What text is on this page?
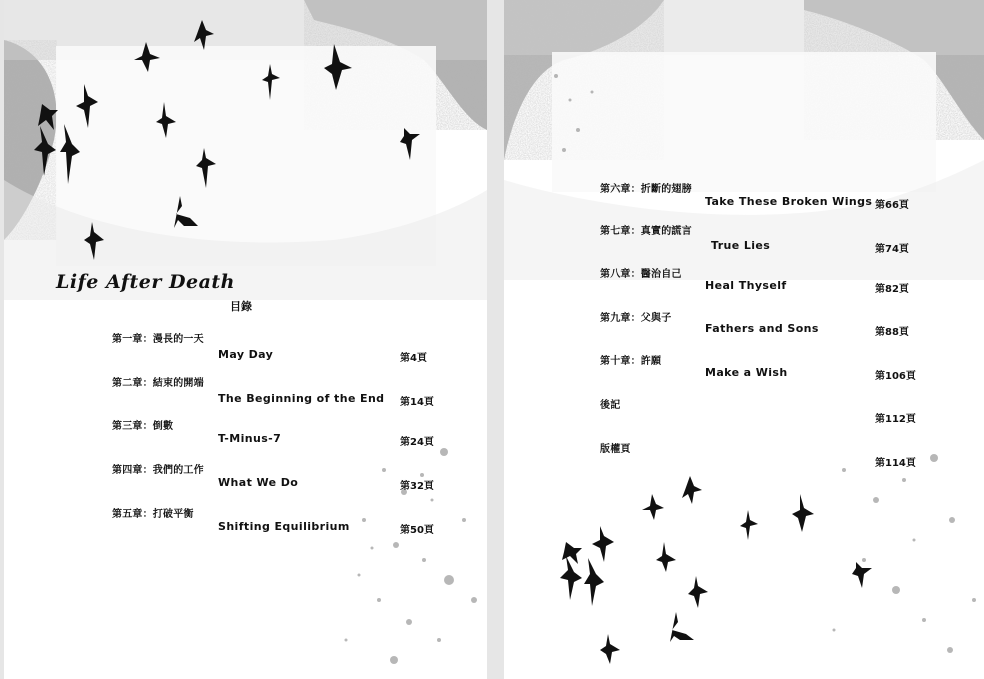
Life After Death
目錄
第一章：漫長的一天
May Day	第4頁
第二章：結束的開端
The Beginning of the End 第14頁
第三章：倒數
T-Minus-7	第24頁
第四章：我們的工作
What We Do	第32頁
第五章：打破平衡
Shifting Equilibrium	第50頁
第六章：折斷的翅膀
Take These Broken Wings 第66頁
第七章：真實的謊言
True Lies	第74頁
第八章：醫治自己
Heal Thyself	第82頁
第九章：父與子
Fathers and Sons	第88頁
第十章：許願
Make a Wish	第106頁
後記
第112頁
版權頁
第114頁
